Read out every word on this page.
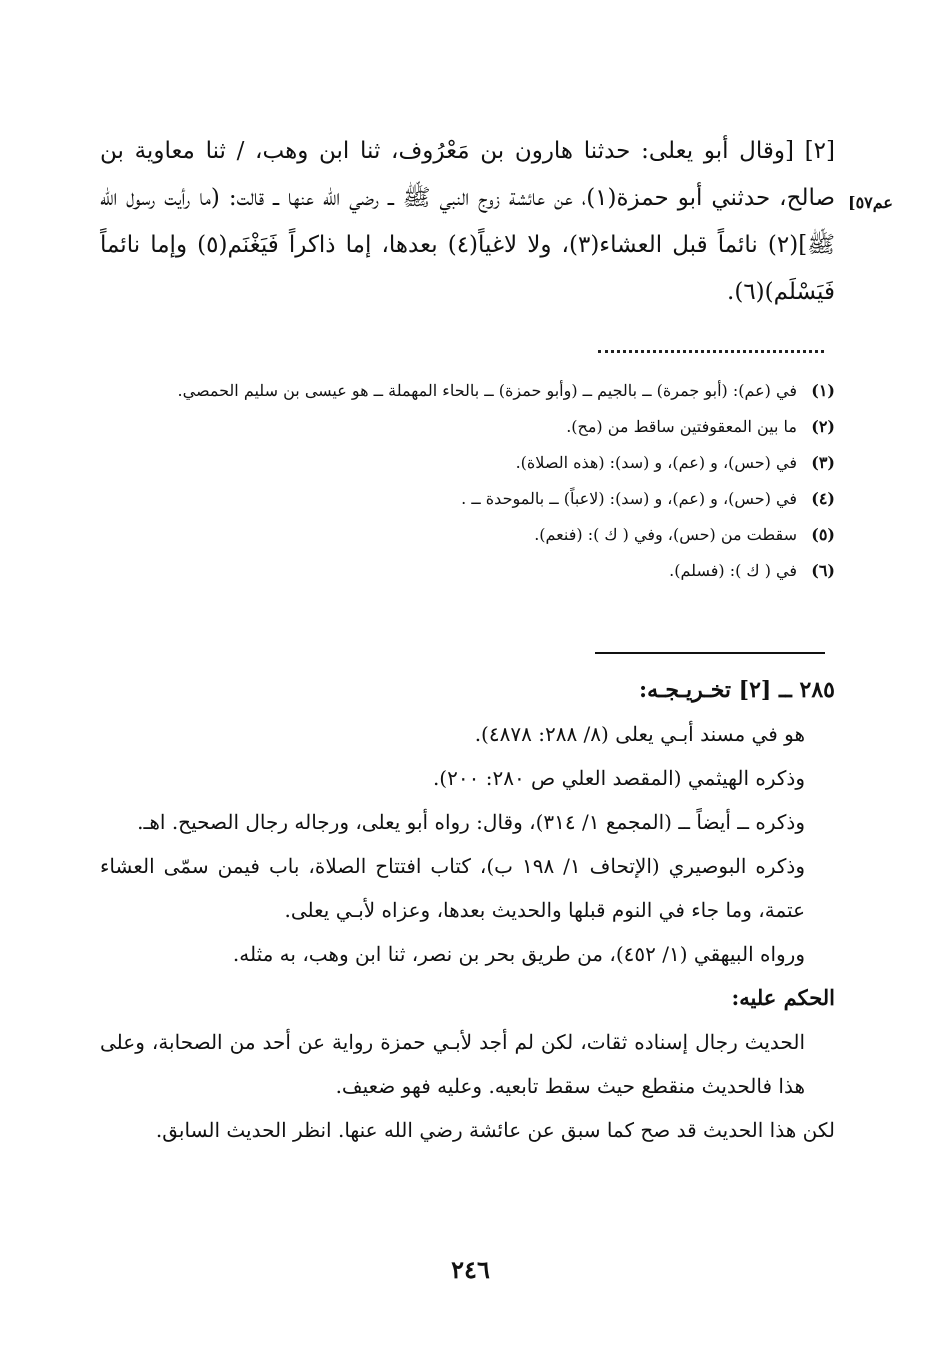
[٢] [وقال أبو يعلى: حدثنا هارون بن مَعْرُوف، ثنا ابن وهب، / ثنا معاوية بن صالح، حدثني أبو حمزة(١)، عن عائشة زوج النبي ﷺ ــ رضي الله عنها ــ قالت: (ما رأيت رسول الله ﷺ](٢) نائماً قبل العشاء(٣)، ولا لاغياً(٤) بعدها، إما ذاكراً فَيَغْنَم(٥) وإما نائماً فَيَسْلَم)(٦).

[عم٥٧
(١)
في (عم): (أبو جمرة) ــ بالجيم ــ (وأبو حمزة) ــ بالحاء المهملة ــ هو عيسى بن سليم الحمصي.
(٢)
ما بين المعقوفتين ساقط من (مح).
(٣)
في (حس)، و (عم)، و (سد): (هذه الصلاة).
(٤)
في (حس)، و (عم)، و (سد): (لاعباً) ــ بالموحدة ــ .
(٥)
سقطت من (حس)، وفي ( ك ): (فنعم).
(٦)
في ( ك ): (فسلم).
٢٨٥ ــ [٢] تخـريـجـه:

هو في مسند أبـي يعلى (٨/ ٢٨٨: ٤٨٧٨).

وذكره الهيثمي (المقصد العلي ص ٢٨٠: ٢٠٠).

وذكره ــ أيضاً ــ (المجمع ١/ ٣١٤)، وقال: رواه أبو يعلى، ورجاله رجال الصحيح. اهـ.

وذكره البوصيري (الإتحاف ١/ ١٩٨ ب)، كتاب افتتاح الصلاة، باب فيمن سمّى العشاء عتمة، وما جاء في النوم قبلها والحديث بعدها، وعزاه لأبـي يعلى.

ورواه البيهقي (١/ ٤٥٢)، من طريق بحر بن نصر، ثنا ابن وهب، به مثله.

الحكم عليه:

الحديث رجال إسناده ثقات، لكن لم أجد لأبـي حمزة رواية عن أحد من الصحابة، وعلى هذا فالحديث منقطع حيث سقط تابعيه. وعليه فهو ضعيف.

لكن هذا الحديث قد صح كما سبق عن عائشة رضي الله عنها. انظر الحديث السابق.

٢٤٦
